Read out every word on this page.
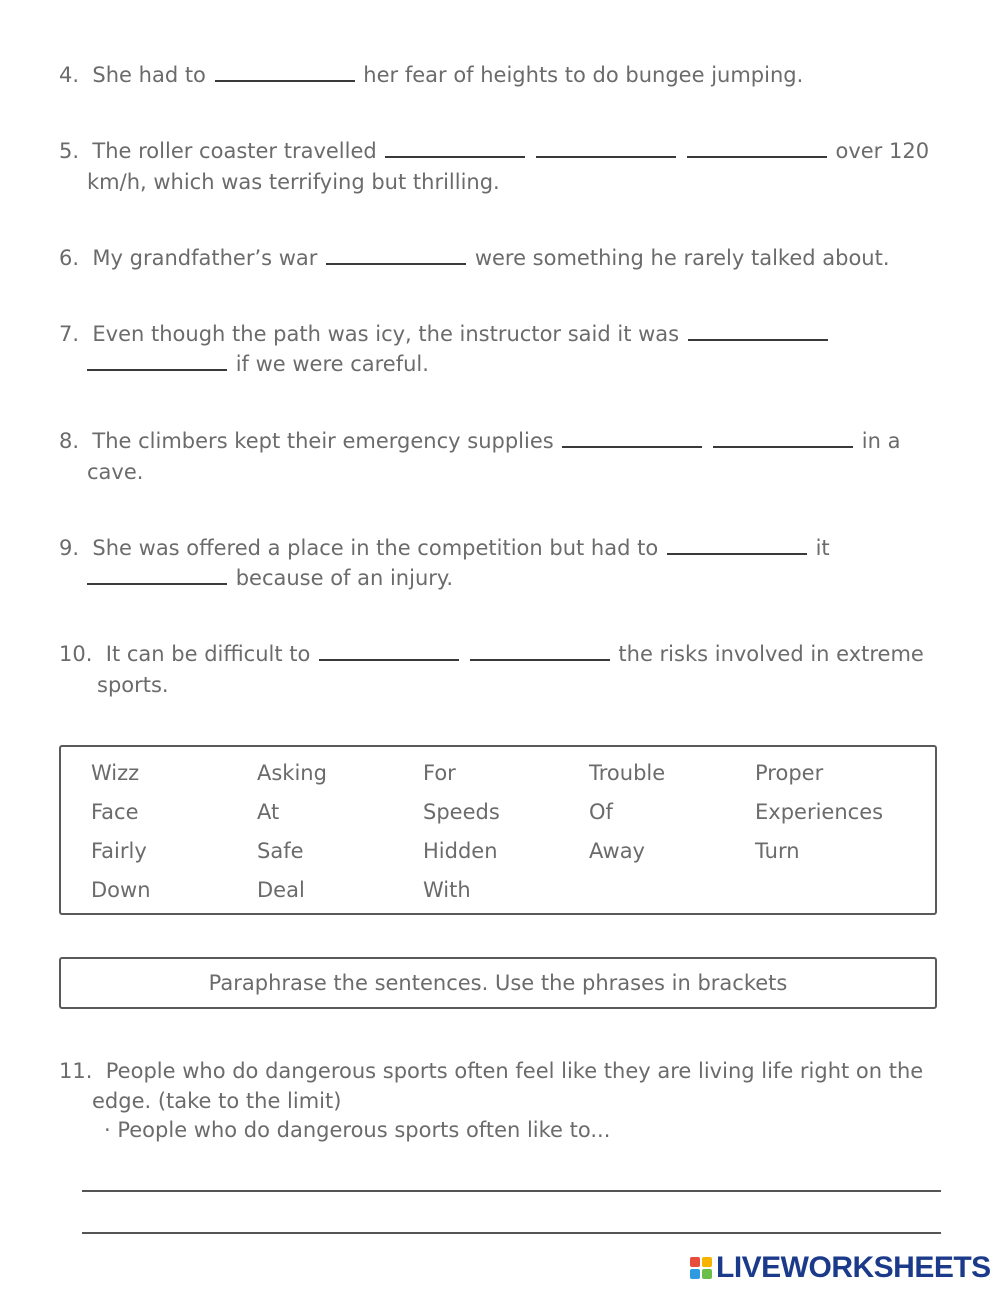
4. She had to	her fear of heights to do bungee jumping.
5. The roller coaster travelled	over 120
km/h, which was terrifying but thrilling.
6. My grandfather’s war	were something he rarely talked about.
7. Even though the path was icy, the instructor said it was
if we were careful.
8. The climbers kept their emergency supplies	in a
cave.
9. She was offered a place in the competition but had to	it
because of an injury.
10. It can be difficult to	the risks involved in extreme
sports.
Wizz	Asking	For	Trouble	Proper
Face	At	Speeds	Of	Experiences
Fairly	Safe	Hidden	Away	Turn
Down	Deal	With
Paraphrase the sentences. Use the phrases in brackets
11. People who do dangerous sports often feel like they are living life right on the
edge. (take to the limit)
· People who do dangerous sports often like to...
LIVEWORKSHEETS
